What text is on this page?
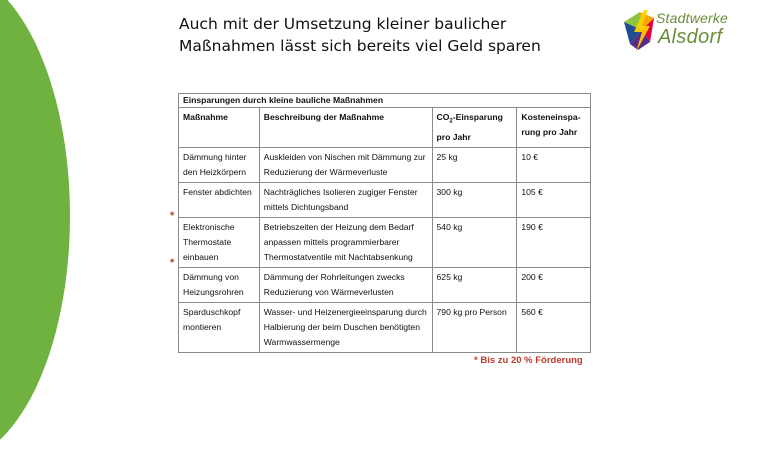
Auch mit der Umsetzung kleiner baulicher
Maßnahmen lässt sich bereits viel Geld sparen
Stadtwerke
Alsdorf
Einsparungen durch kleine bauliche Maßnahmen			
Maßnahme	Beschreibung der Maßnahme	$CO_2$-Einsparung pro Jahr	Kosteneinspa-rung pro Jahr
Dämmung hinter den Heizkörpern	Auskleiden von Nischen mit Dämmung zur Reduzierung der Wärmeverluste	25 kg	10 €
Fenster abdichten	Nachträgliches Isolieren zugiger Fenster mittels Dichtungsband	300 kg	105 €
Elektronische Thermostate einbauen	Betriebszeiten der Heizung dem Bedarf anpassen mittels programmierbarer Thermostatventile mit Nachtabsenkung	540 kg	190 €
Dämmung von Heizungsrohren	Dämmung der Rohrleitungen zwecks Reduzierung von Wärmeverlusten	625 kg	200 €
Sparduschkopf montieren	Wasser- und Heizenergieeinsparung durch Halbierung der beim Duschen benötigten Warmwassermenge	790 kg pro Person	560 €
*
*
* Bis zu 20 % Förderung
